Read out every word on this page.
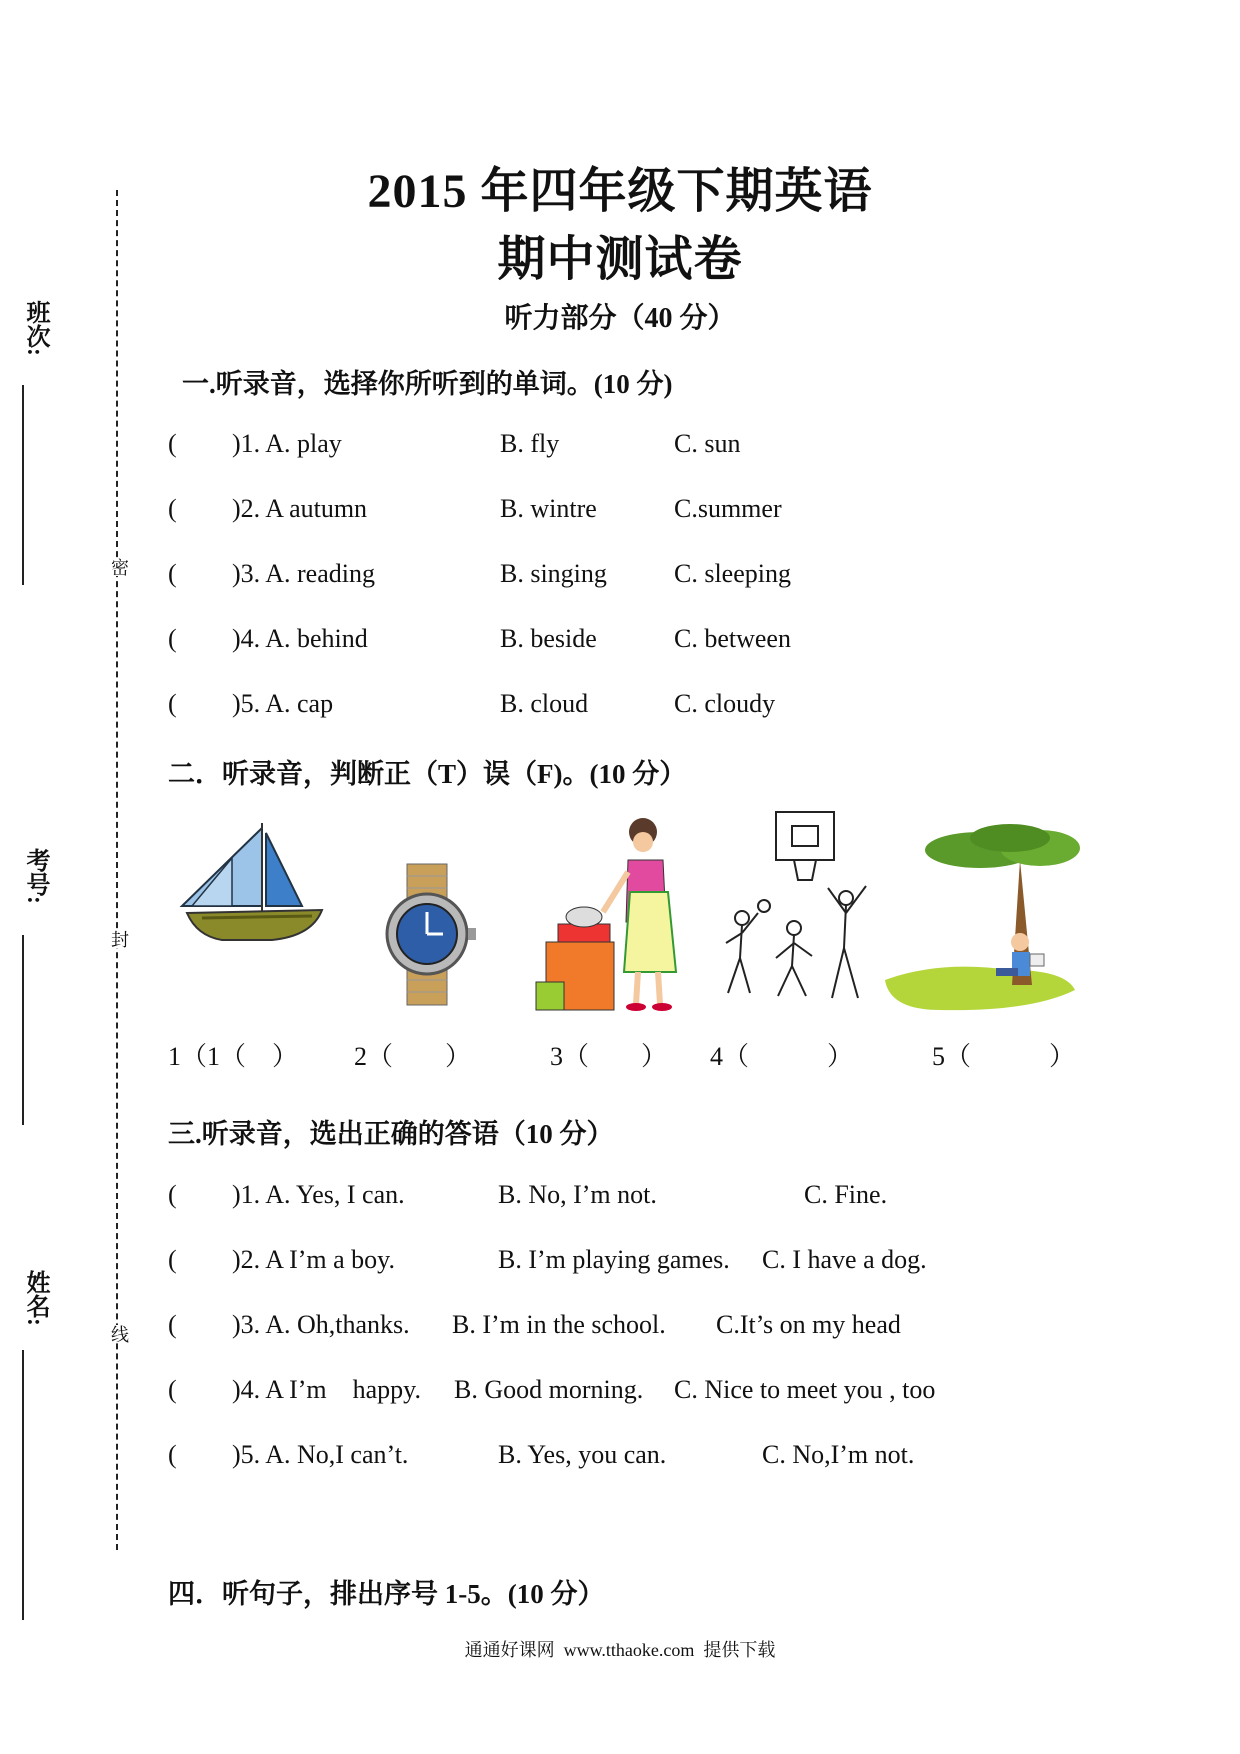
班次:
考号:
姓名:
密
封
线
2015 年四年级下期英语
期中测试卷
听力部分（40 分）
一.听录音，选择你所听到的单词。(10 分)
( )1. A. play	B. fly	C. sun
( )2. A autumn	B. wintre	C.summer
( )3. A. reading	B. singing	C. sleeping
( )4. A. behind	B. beside	C. between
( )5. A. cap	B. cloud	C. cloudy
二．听录音，判断正（T）误（F)。(10 分）
1（1（　） 2（　　）	3（　　） 4（　　　）	5（　　　）
三.听录音，选出正确的答语（10 分）
( )1. A. Yes, I can.	B. No, I’m not.	C. Fine.
( )2. A I’m a boy.	B. I’m playing games. C. I have a dog.
( )3. A. Oh,thanks. B. I’m in the school. C.It’s on my head
( )4. A I’m    happy. B. Good morning. C. Nice to meet you , too
( )5. A. No,I can’t.	B. Yes, you can.	C. No,I’m not.
四．听句子，排出序号 1-5。(10 分）
通通好课网  www.tthaoke.com  提供下载
